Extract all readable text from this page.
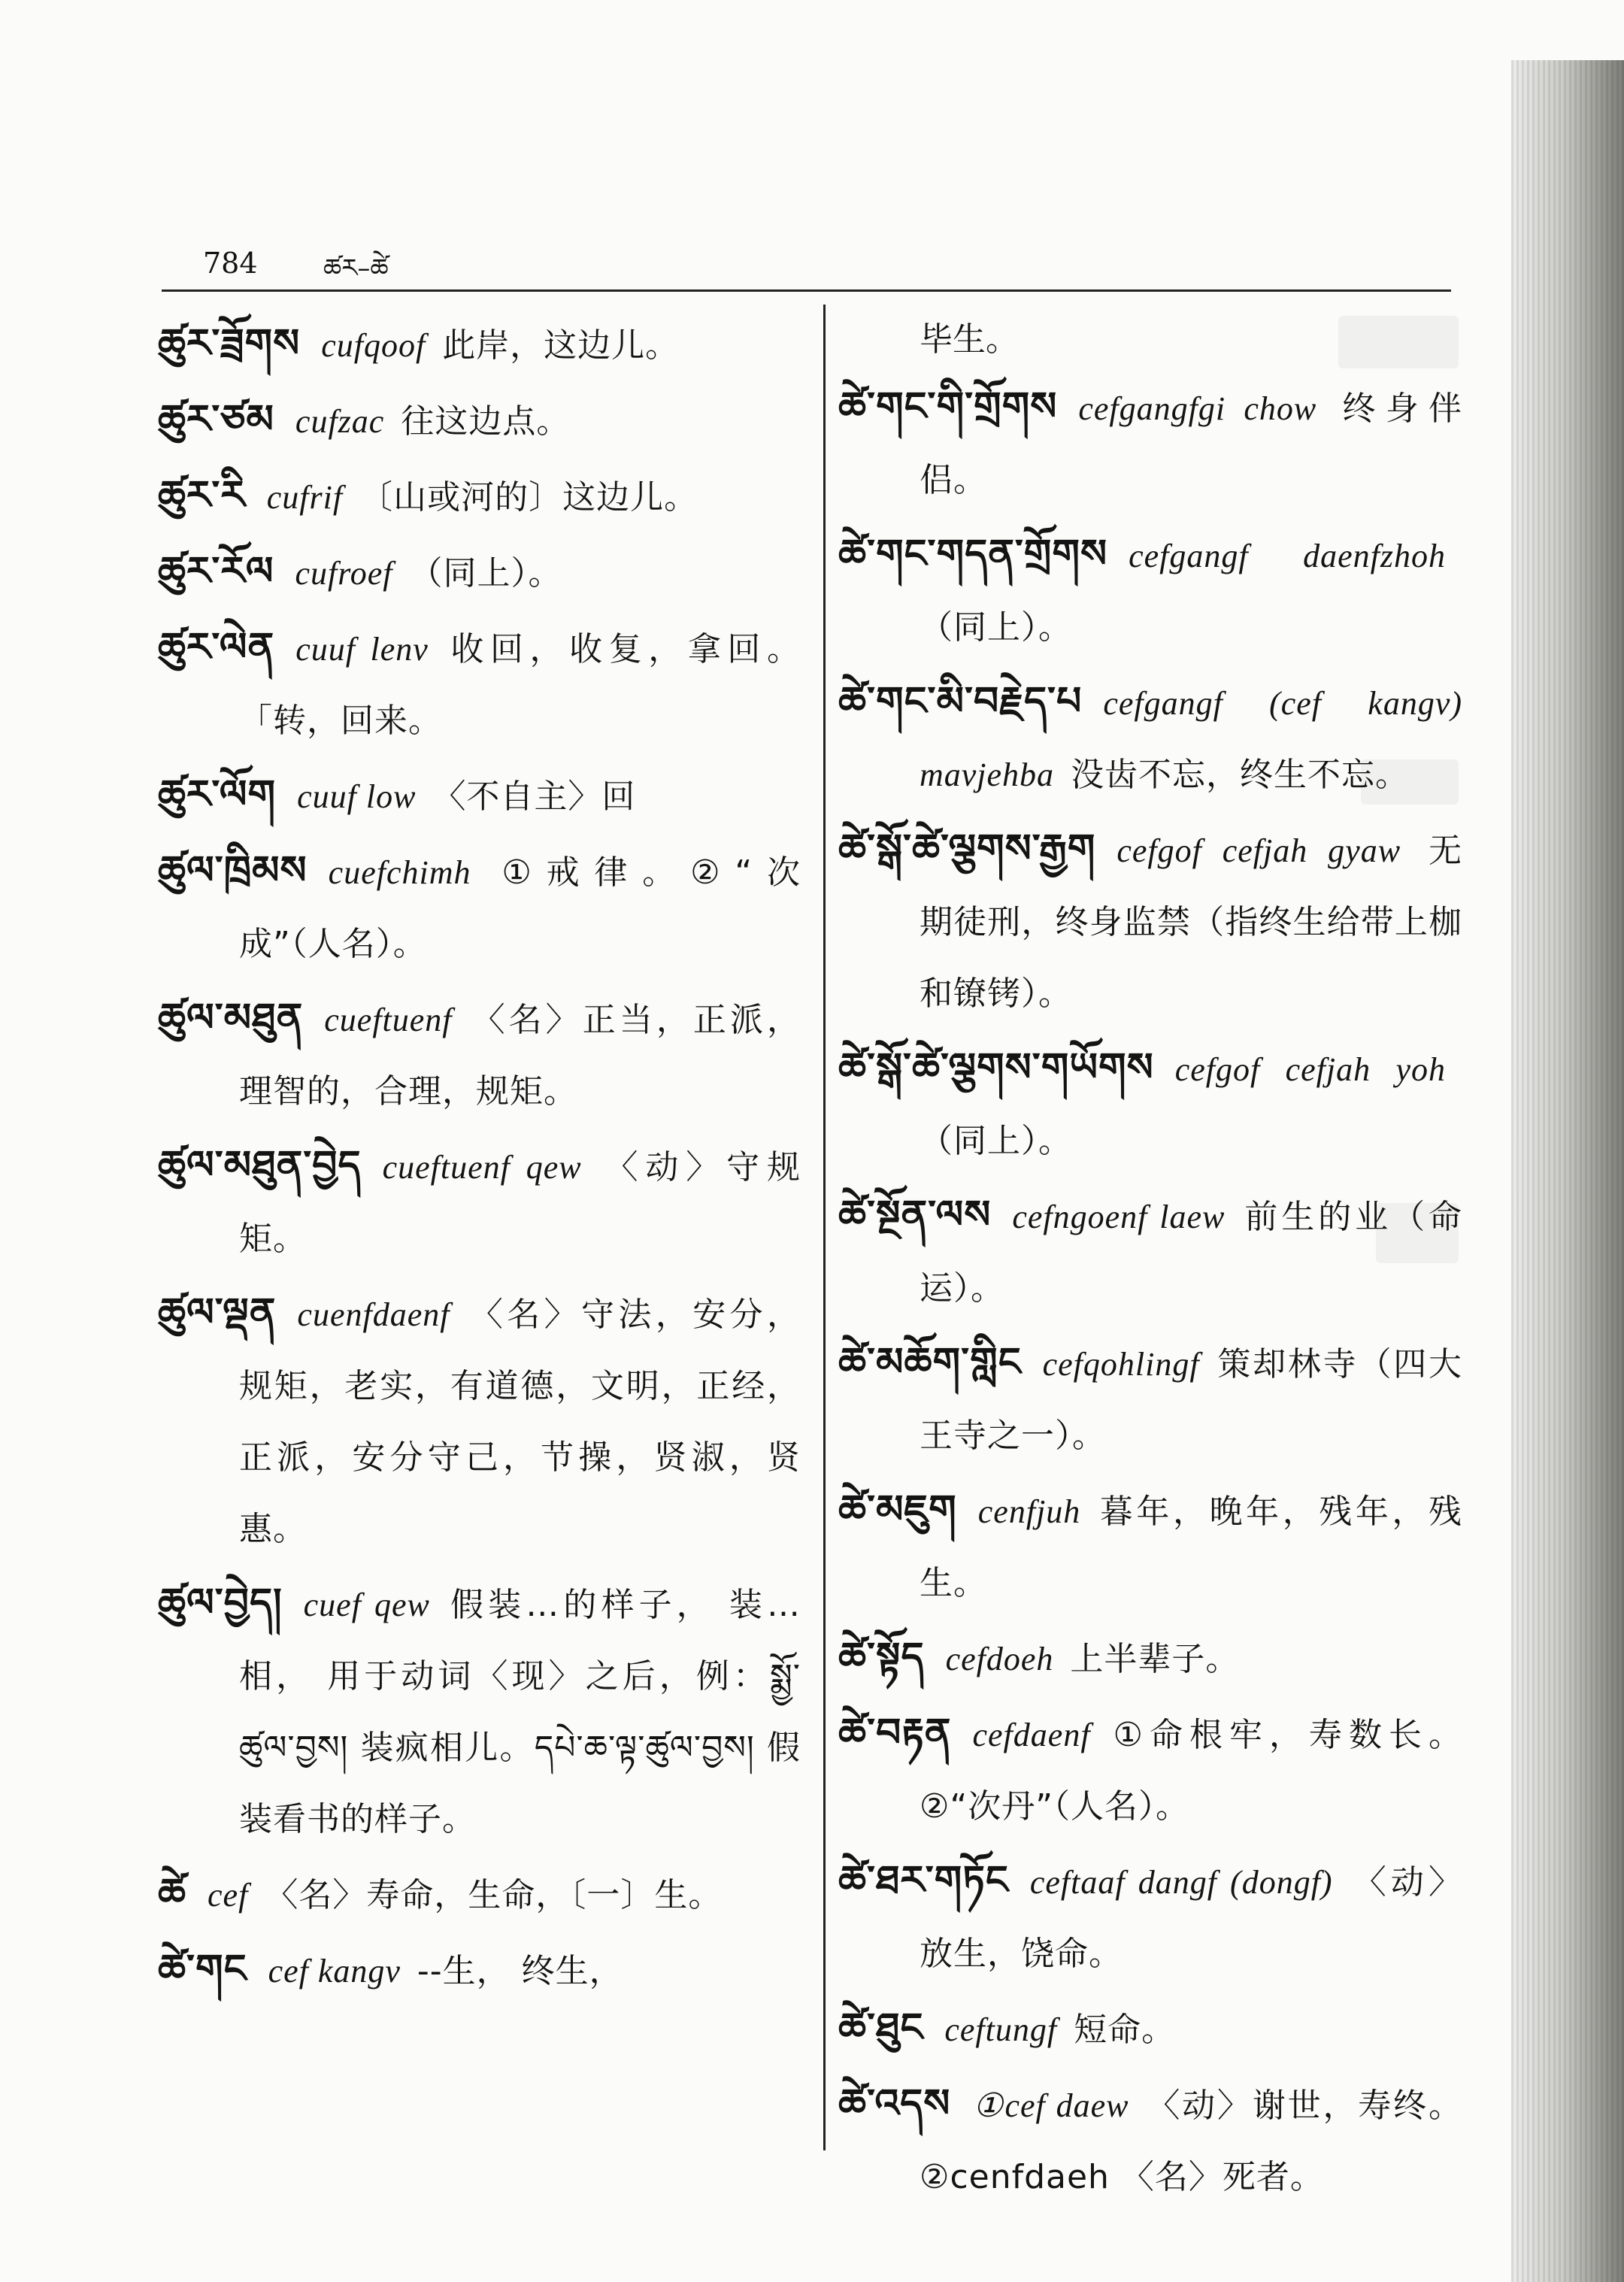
784	ཚར–ཚེ
ཚུར་ཟྲོགས cufqoof 此岸，这边儿。
ཚུར་ཙམ cufzac 往这边点。
ཚུར་རི cufrif 〔山或河的〕这边儿。
ཚུར་རོལ cufroef （同上）。
ཚུར་ལེན cuuf lenv 收回，收复，拿回。 「转，回来。
ཚུར་ལོག cuuf low 〈不自主〉回
ཚུལ་ཁྲིམས cuefchimh ①戒律。②“次成”（人名）。
ཚུལ་མཐུན cueftuenf 〈名〉正当，正派，理智的，合理，规矩。
ཚུལ་མཐུན་བྱེད cueftuenf qew 〈动〉守规矩。
ཚུལ་ལྡན cuenfdaenf 〈名〉守法，安分，规矩，老实，有道德，文明，正经，正派，安分守己，节操，贤淑，贤惠。
ཚུལ་བྱེད། cuef qew 假装…的样子， 装…相， 用于动词〈现〉之后，例：སྨྱོ་ཚུལ་བྱས། 装疯相儿。དཔེ་ཆ་ལྟ་ཚུལ་བྱས། 假装看书的样子。
ཚེ cef 〈名〉寿命，生命，〔一〕生。
ཚེ་གང cef kangv --生， 终生，
毕生。
ཚེ་གང་གི་གྲོགས cefgangfgi chow 终身伴侣。
ཚེ་གང་གདན་གྲོགས cefgangf daenfzhoh（同上）。
ཚེ་གང་མི་བརྗེད་པ cefgangf (cef kangv) mavjehba 没齿不忘，终生不忘。
ཚེ་སྒོ་ཚེ་ལྕགས་རྒྱག cefgof cefjah gyaw 无期徒刑，终身监禁（指终生给带上枷和镣铐）。
ཚེ་སྒོ་ཚེ་ལྕགས་གཡོགས cefgof cefjah yoh（同上）。
ཚེ་སྔོན་ལས cefngoenf laew 前生的业（命运）。
ཚེ་མཆོག་གླིང cefqohlingf 策却林寺（四大王寺之一）。
ཚེ་མཇུག cenfjuh 暮年，晚年，残年，残生。
ཚེ་སྟོད cefdoeh 上半辈子。
ཚེ་བརྟན cefdaenf ①命根牢，寿数长。②“次丹”（人名）。
ཚེ་ཐར་གཏོང ceftaaf dangf (dongf) 〈动〉放生，饶命。
ཚེ་ཐུང ceftungf 短命。
ཚེ་འདས ①cef daew 〈动〉谢世，寿终。②cenfdaeh 〈名〉死者。
